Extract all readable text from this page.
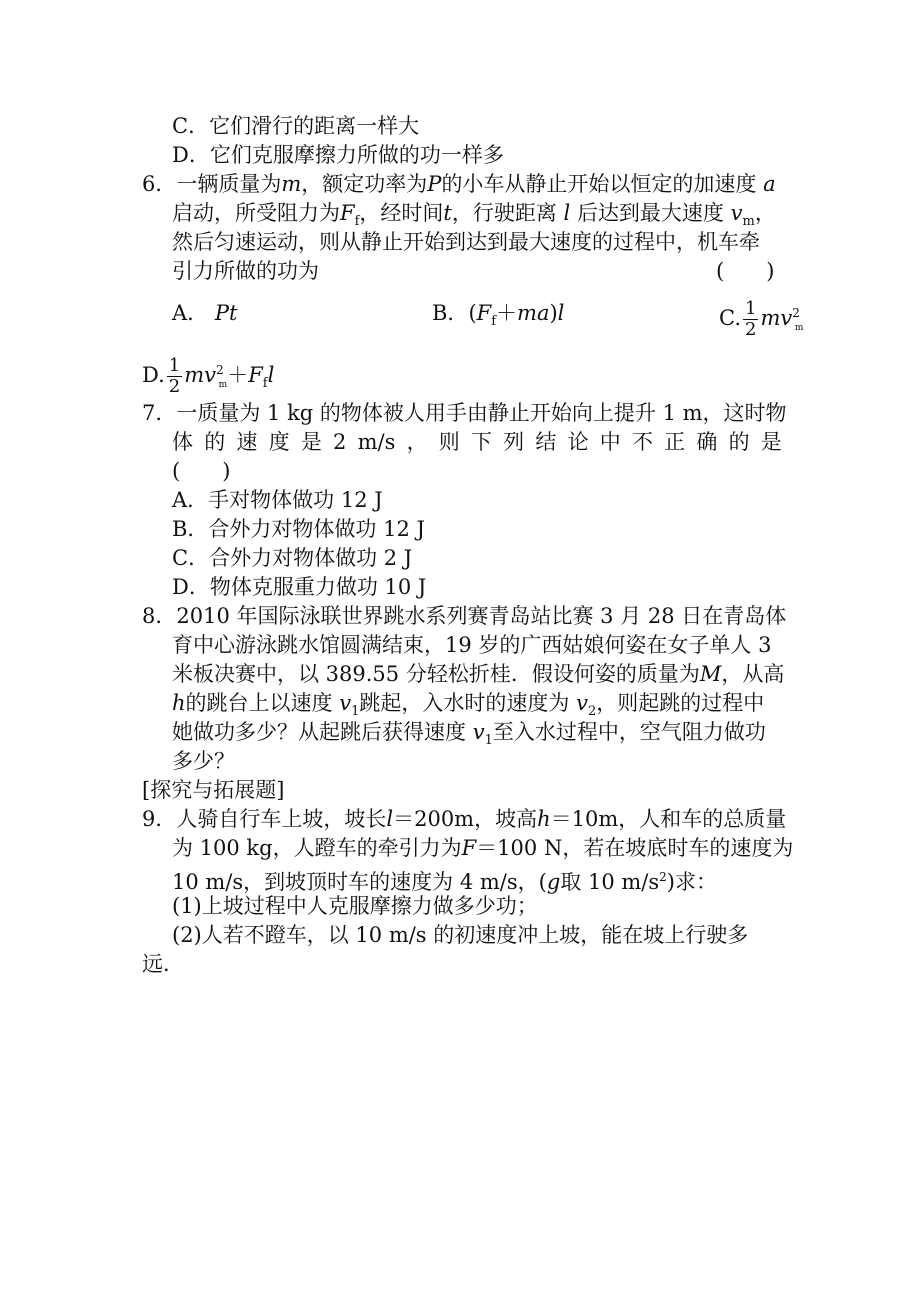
C．它们滑行的距离一样大
D．它们克服摩擦力所做的功一样多
6．一辆质量为m，额定功率为P的小车从静止开始以恒定的加速度 a
启动，所受阻力为$F_f$，经时间t，行驶距离 l 后达到最大速度 $v_m$，
然后匀速运动，则从静止开始到达到最大速度的过程中，机车牵
引力所做的功为	(　　)
A． Pt	B．$(F_f+ma)l$	C. $\frac{1}{2} mv^2_m$
D. $\frac{1}{2} mv^2_m+F_fl$
7．一质量为 1 kg 的物体被人用手由静止开始向上提升 1 m，这时物
体 的 速 度 是 2 m/s ， 则 下 列 结 论 中 不 正 确 的 是
(　　)
A．手对物体做功 12 J
B．合外力对物体做功 12 J
C．合外力对物体做功 2 J
D．物体克服重力做功 10 J
8．2010 年国际泳联世界跳水系列赛青岛站比赛 3 月 28 日在青岛体
育中心游泳跳水馆圆满结束，19 岁的广西姑娘何姿在女子单人 3
米板决赛中，以 389.55 分轻松折桂．假设何姿的质量为M，从高
h的跳台上以速度 $v_1$跳起，入水时的速度为 $v_2$，则起跳的过程中
她做功多少？从起跳后获得速度 $v_1$至入水过程中，空气阻力做功
多少？
[探究与拓展题]
9．人骑自行车上坡，坡长l＝200m，坡高h＝10m，人和车的总质量
为 100 kg，人蹬车的牵引力为F＝100 N，若在坡底时车的速度为
10 m/s，到坡顶时车的速度为 4 m/s，(g取 10 $m/s^2$)求：
(1)上坡过程中人克服摩擦力做多少功；
(2)人若不蹬车，以 10 m/s 的初速度冲上坡，能在坡上行驶多
远.
